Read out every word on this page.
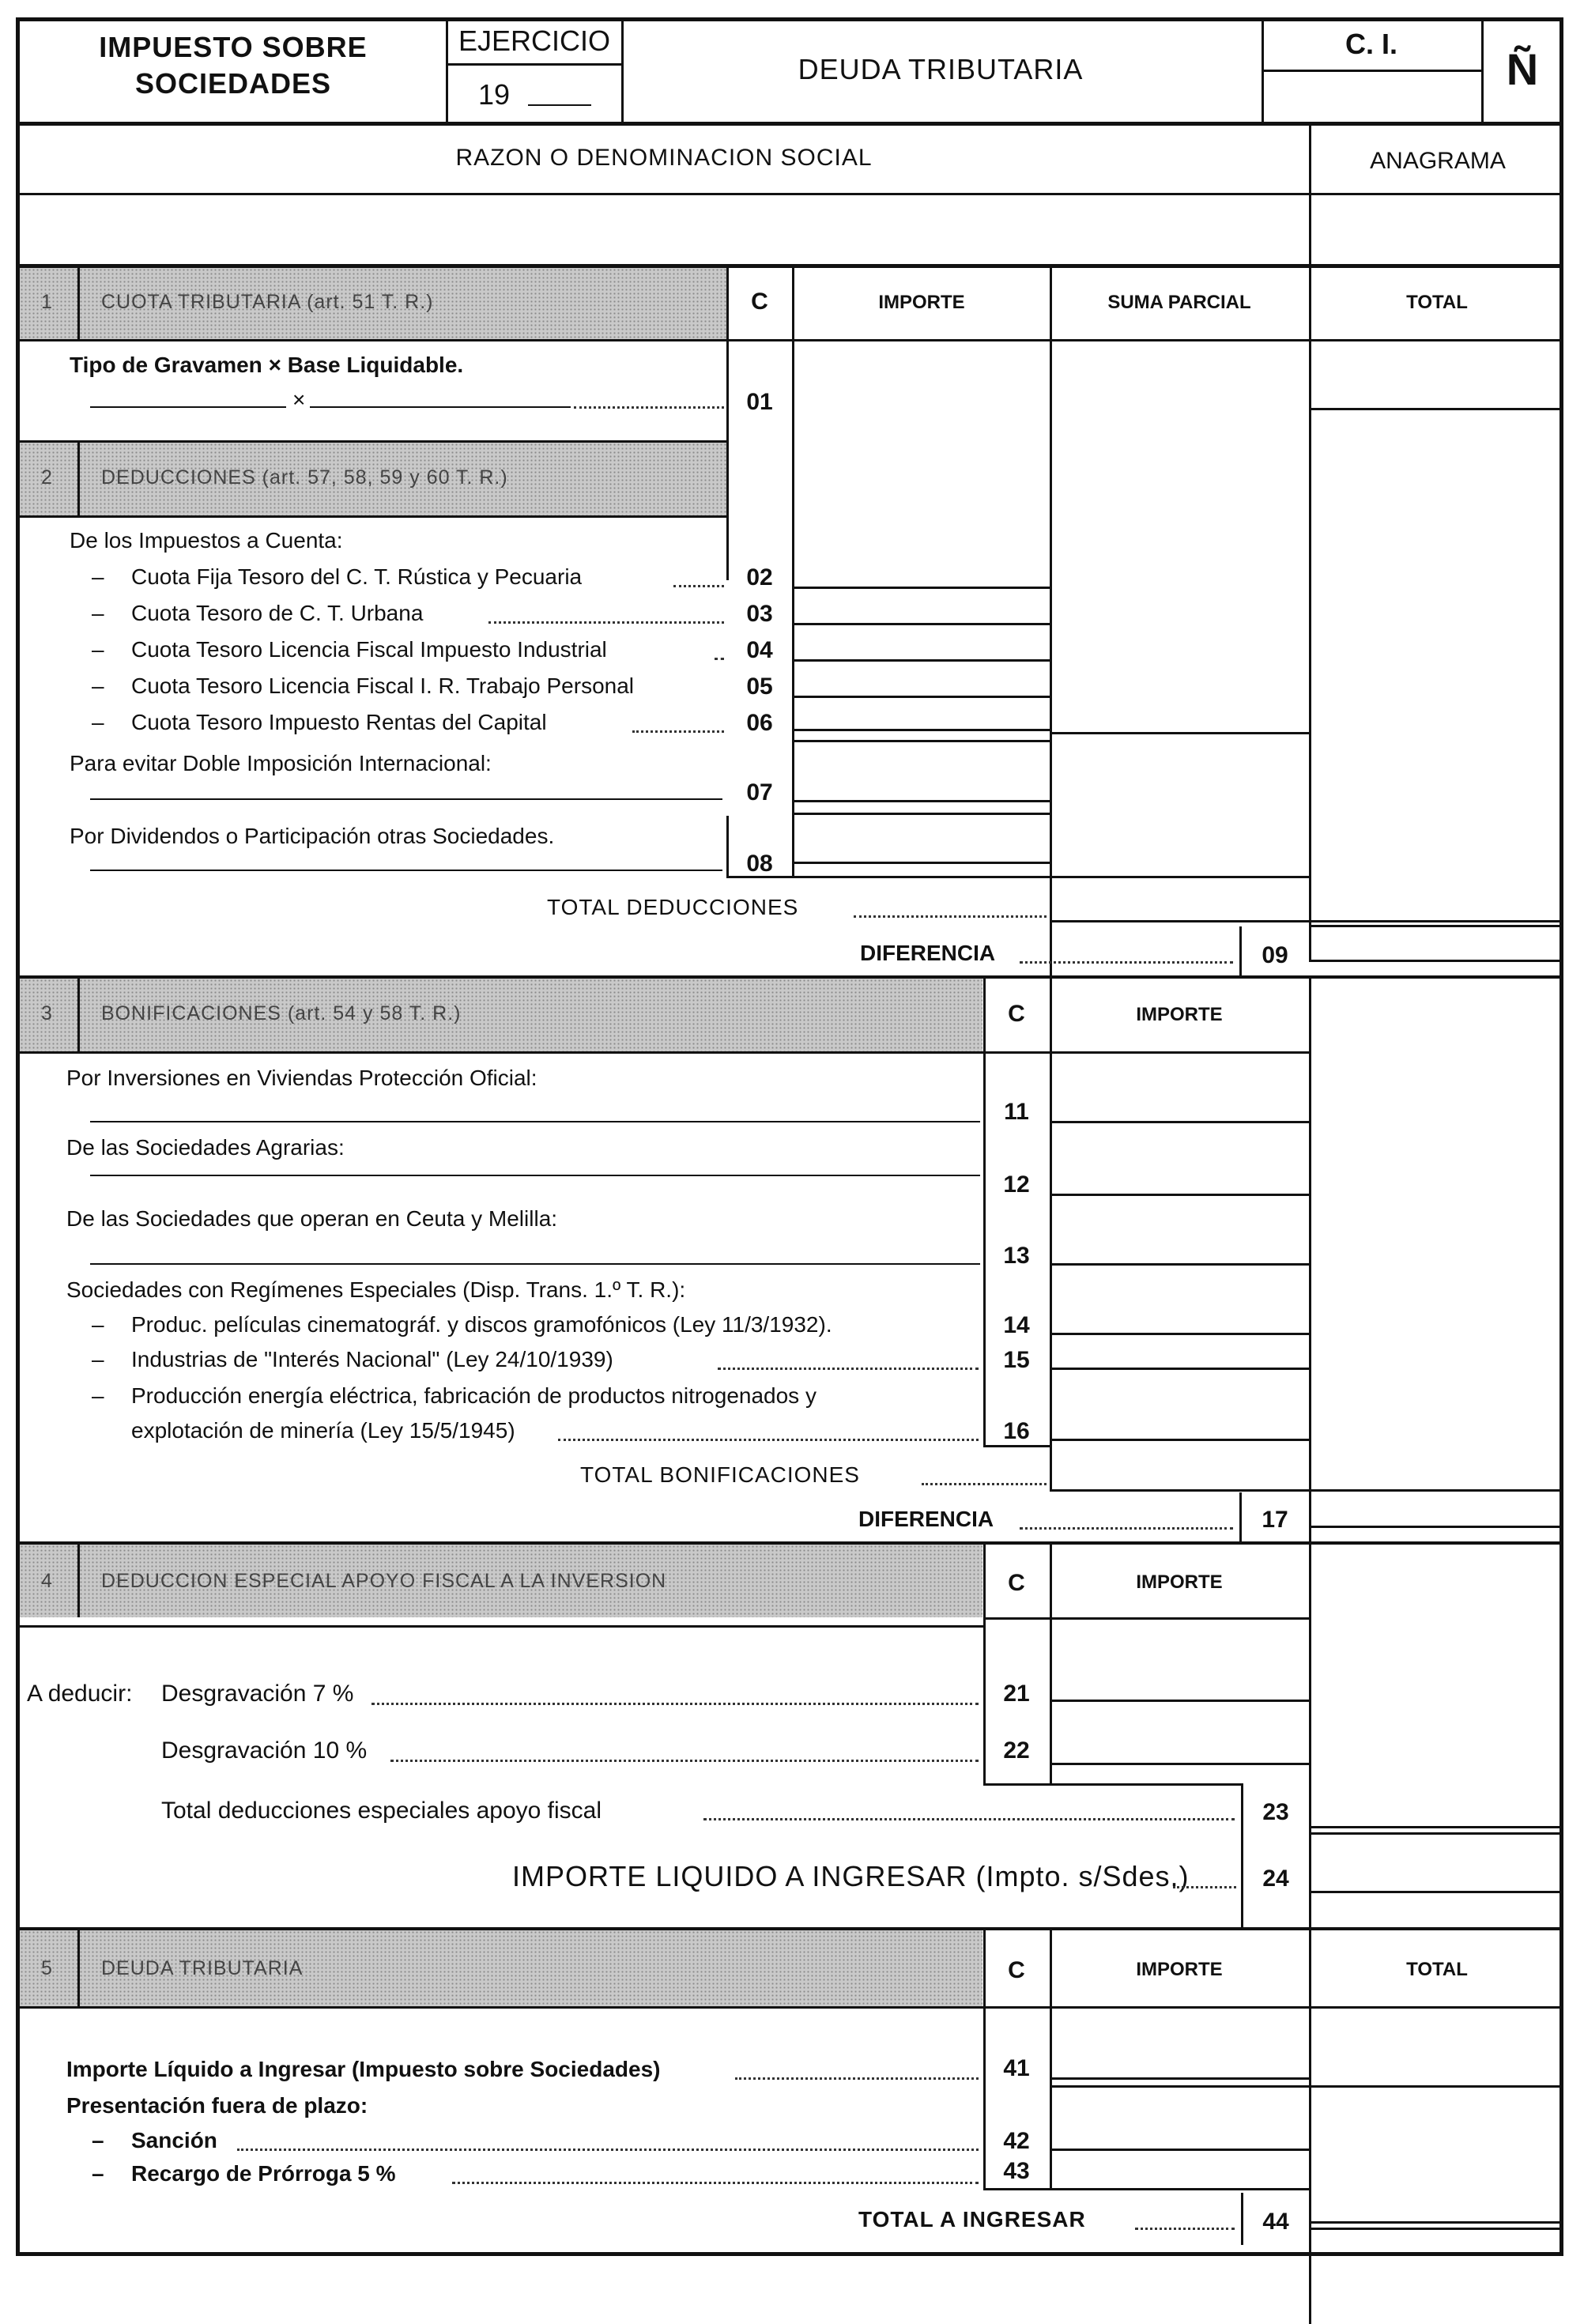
IMPUESTO SOBRE
SOCIEDADES
EJERCICIO
19
DEUDA TRIBUTARIA
C. I.
Ñ
RAZON O DENOMINACION SOCIAL	ANAGRAMA
1 CUOTA TRIBUTARIA (art. 51 T. R.)	C	IMPORTE	SUMA PARCIAL	TOTAL
Tipo de Gravamen × Base Liquidable.
×	01
2 DEDUCCIONES (art. 57, 58, 59 y 60 T. R.)
De los Impuestos a Cuenta:
– Cuota Fija Tesoro del C. T. Rústica y Pecuaria	02
– Cuota Tesoro de C. T. Urbana	03
– Cuota Tesoro Licencia Fiscal Impuesto Industrial	04
– Cuota Tesoro Licencia Fiscal I. R. Trabajo Personal	05
– Cuota Tesoro Impuesto Rentas del Capital	06
Para evitar Doble Imposición Internacional:
07
Por Dividendos o Participación otras Sociedades.
08
TOTAL DEDUCCIONES
DIFERENCIA	09
3 BONIFICACIONES (art. 54 y 58 T. R.)	C	IMPORTE
Por Inversiones en Viviendas Protección Oficial:
11
De las Sociedades Agrarias:
12
De las Sociedades que operan en Ceuta y Melilla:
13
Sociedades con Regímenes Especiales (Disp. Trans. 1.º T. R.):
– Produc. películas cinematográf. y discos gramofónicos (Ley 11/3/1932).	14
– Industrias de "Interés Nacional" (Ley 24/10/1939)	15
– Producción energía eléctrica, fabricación de productos nitrogenados y
explotación de minería (Ley 15/5/1945)	16
TOTAL BONIFICACIONES
DIFERENCIA	17
4 DEDUCCION ESPECIAL APOYO FISCAL A LA INVERSION	C	IMPORTE
A deducir: Desgravación 7 %	21
Desgravación 10 %	22
Total deducciones especiales apoyo fiscal	23
IMPORTE LIQUIDO A INGRESAR (Impto. s/Sdes.)	24
5 DEUDA TRIBUTARIA	C	IMPORTE	TOTAL
Importe Líquido a Ingresar (Impuesto sobre Sociedades)	41
Presentación fuera de plazo:
– Sanción	42
– Recargo de Prórroga 5 %	43
TOTAL A INGRESAR	44
